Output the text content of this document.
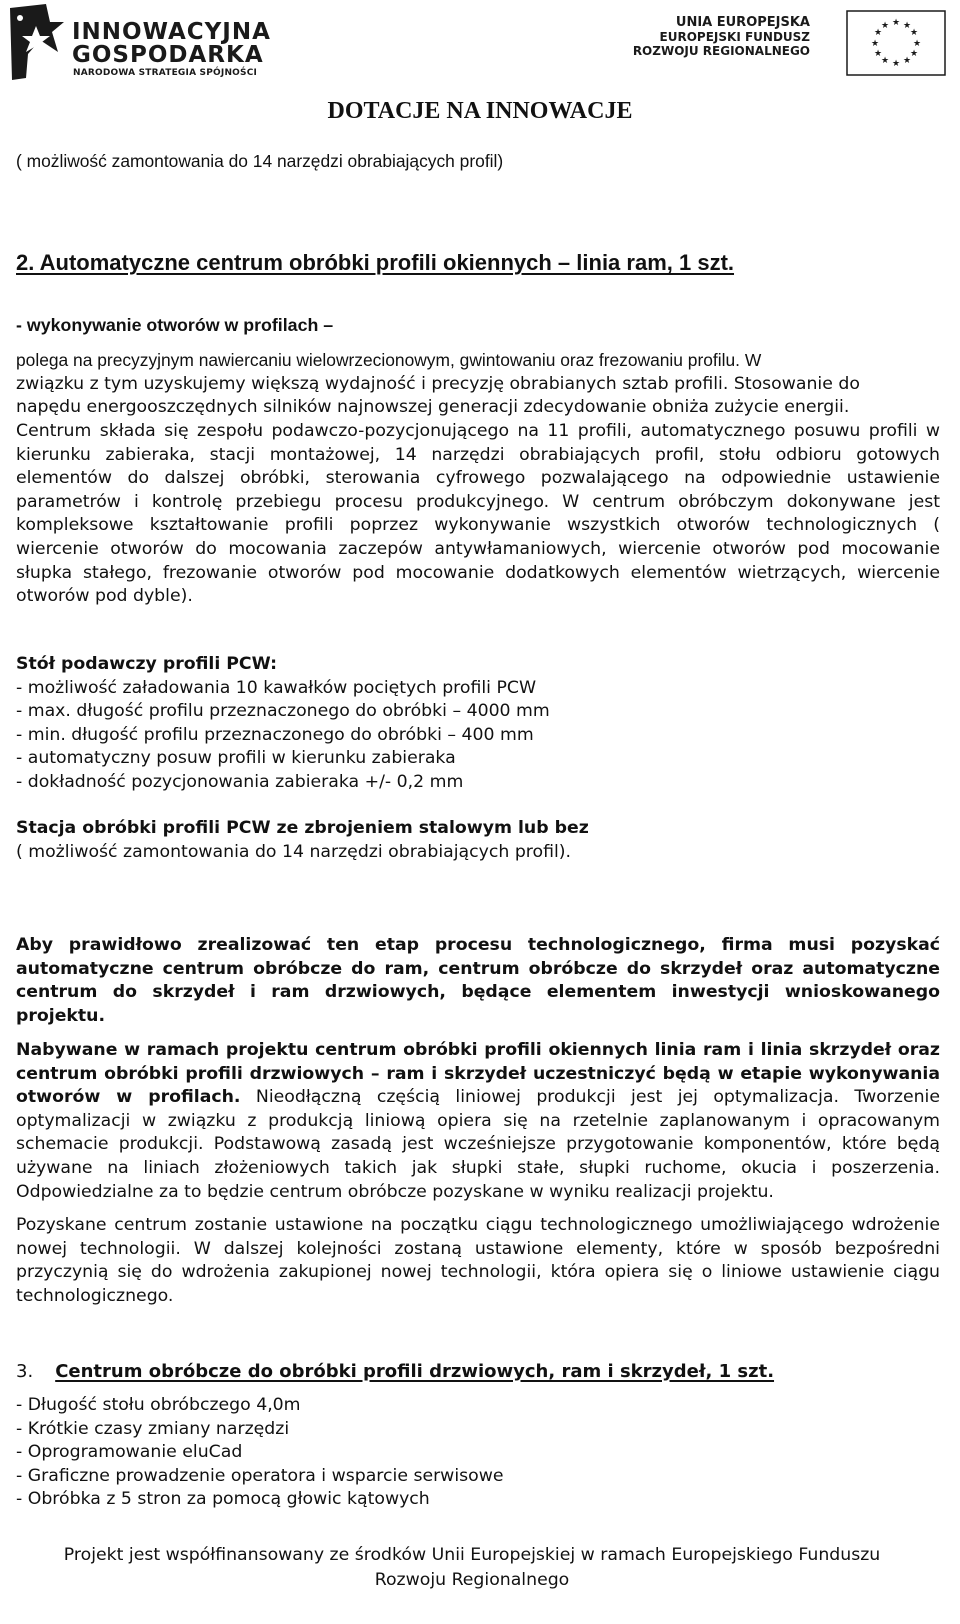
INNOWACYJNA
GOSPODARKA
NARODOWA STRATEGIA SPÓJNOŚCI
UNIA EUROPEJSKA
EUROPEJSKI FUNDUSZ
ROZWOJU REGIONALNEGO
★ ★
★
★
★
★
★
★
★
★
★
★
DOTACJE NA INNOWACJE
( możliwość zamontowania do 14 narzędzi obrabiających profil)
2. Automatyczne centrum obróbki profili okiennych – linia ram, 1 szt.
- wykonywanie otworów w profilach –
polega na precyzyjnym nawiercaniu wielowrzecionowym, gwintowaniu oraz frezowaniu profilu. W
związku z tym uzyskujemy większą wydajność i precyzję obrabianych sztab profili. Stosowanie do
napędu energooszczędnych silników najnowszej generacji zdecydowanie obniża zużycie energii.
Centrum składa się zespołu podawczo-pozycjonującego na 11 profili, automatycznego posuwu profili w kierunku zabieraka, stacji montażowej, 14 narzędzi obrabiających profil, stołu odbioru gotowych elementów do dalszej obróbki, sterowania cyfrowego pozwalającego na odpowiednie ustawienie parametrów i kontrolę przebiegu procesu produkcyjnego. W centrum obróbczym dokonywane jest kompleksowe kształtowanie profili poprzez wykonywanie wszystkich otworów technologicznych ( wiercenie otworów do mocowania zaczepów antywłamaniowych, wiercenie otworów pod mocowanie słupka stałego, frezowanie otworów pod mocowanie dodatkowych elementów wietrzących, wiercenie otworów pod dyble).
Stół podawczy profili PCW:
- możliwość załadowania 10 kawałków pociętych profili PCW
- max. długość profilu przeznaczonego do obróbki – 4000 mm
- min. długość profilu przeznaczonego do obróbki – 400 mm
- automatyczny posuw profili w kierunku zabieraka
- dokładność pozycjonowania zabieraka +/- 0,2 mm
Stacja obróbki profili PCW ze zbrojeniem stalowym lub bez
( możliwość zamontowania do 14 narzędzi obrabiających profil).
Aby prawidłowo zrealizować ten etap procesu technologicznego, firma musi pozyskać automatyczne centrum obróbcze do ram, centrum obróbcze do skrzydeł oraz automatyczne centrum do skrzydeł i ram drzwiowych, będące elementem inwestycji wnioskowanego projektu.
Nabywane w ramach projektu centrum obróbki profili okiennych linia ram i linia skrzydeł oraz centrum obróbki profili drzwiowych – ram i skrzydeł uczestniczyć będą w etapie wykonywania otworów w profilach. Nieodłączną częścią liniowej produkcji jest jej optymalizacja. Tworzenie optymalizacji w związku z produkcją liniową opiera się na rzetelnie zaplanowanym i opracowanym schemacie produkcji. Podstawową zasadą jest wcześniejsze przygotowanie komponentów, które będą używane na liniach złożeniowych takich jak słupki stałe, słupki ruchome, okucia i poszerzenia. Odpowiedzialne za to będzie centrum obróbcze pozyskane w wyniku realizacji projektu.
Pozyskane centrum zostanie ustawione na początku ciągu technologicznego umożliwiającego wdrożenie nowej technologii. W dalszej kolejności zostaną ustawione elementy, które w sposób bezpośredni przyczynią się do wdrożenia zakupionej nowej technologii, która opiera się o liniowe ustawienie ciągu technologicznego.
3. Centrum obróbcze do obróbki profili drzwiowych, ram i skrzydeł, 1 szt.
- Długość stołu obróbczego 4,0m
- Krótkie czasy zmiany narzędzi
- Oprogramowanie eluCad
- Graficzne prowadzenie operatora i wsparcie serwisowe
- Obróbka z 5 stron za pomocą głowic kątowych
Projekt jest współfinansowany ze środków Unii Europejskiej w ramach Europejskiego Funduszu
Rozwoju Regionalnego
